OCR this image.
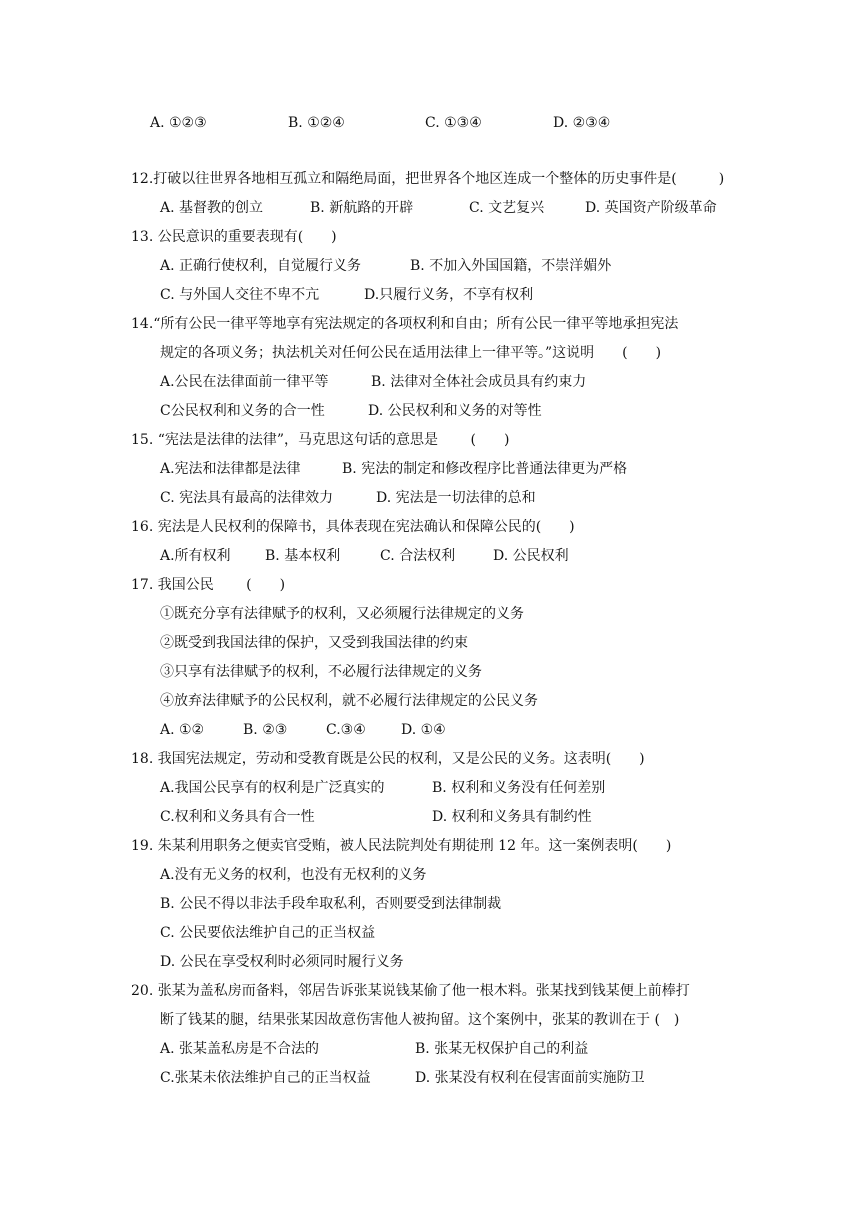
A. ①②③	B. ①②④	C. ①③④	D. ②③④
12.打破以往世界各地相互孤立和隔绝局面，把世界各个地区连成一个整体的历史事件是(　　　)
A. 基督教的创立	B. 新航路的开辟	C. 文艺复兴	D. 英国资产阶级革命
13. 公民意识的重要表现有(　　)
A. 正确行使权利，自觉履行义务	B. 不加入外国国籍，不崇洋媚外
C. 与外国人交往不卑不亢	D.只履行义务，不享有权利
14.“所有公民一律平等地享有宪法规定的各项权利和自由；所有公民一律平等地承担宪法
规定的各项义务；执法机关对任何公民在适用法律上一律平等。”这说明　　(　　)
A.公民在法律面前一律平等	B. 法律对全体社会成员具有约束力
C公民权利和义务的合一性	D. 公民权利和义务的对等性
15. “宪法是法律的法律”，马克思这句话的意思是　　 (　　)
A.宪法和法律都是法律	B. 宪法的制定和修改程序比普通法律更为严格
C. 宪法具有最高的法律效力	D. 宪法是一切法律的总和
16. 宪法是人民权利的保障书，具体表现在宪法确认和保障公民的(　　)
A.所有权利 B. 基本权利	C. 合法权利	D. 公民权利
17. 我国公民　　 (　　)
①既充分享有法律赋予的权利，又必须履行法律规定的义务
②既受到我国法律的保护，又受到我国法律的约束
③只享有法律赋予的权利，不必履行法律规定的义务
④放弃法律赋予的公民权利，就不必履行法律规定的公民义务
A. ①②	B. ②③	C.③④	D. ①④
18. 我国宪法规定，劳动和受教育既是公民的权利，又是公民的义务。这表明(　　)
A.我国公民享有的权利是广泛真实的	B. 权利和义务没有任何差别
C.权利和义务具有合一性	D. 权利和义务具有制约性
19. 朱某利用职务之便卖官受贿，被人民法院判处有期徒刑 12 年。这一案例表明(　　)
A.没有无义务的权利，也没有无权利的义务
B. 公民不得以非法手段牟取私利，否则要受到法律制裁
C. 公民要依法维护自己的正当权益
D. 公民在享受权利时必须同时履行义务
20. 张某为盖私房而备料，邻居告诉张某说钱某偷了他一根木料。张某找到钱某便上前棒打
断了钱某的腿，结果张某因故意伤害他人被拘留。这个案例中，张某的教训在于 (　)
A. 张某盖私房是不合法的	B. 张某无权保护自己的利益
C.张某未依法维护自己的正当权益	D. 张某没有权利在侵害面前实施防卫
